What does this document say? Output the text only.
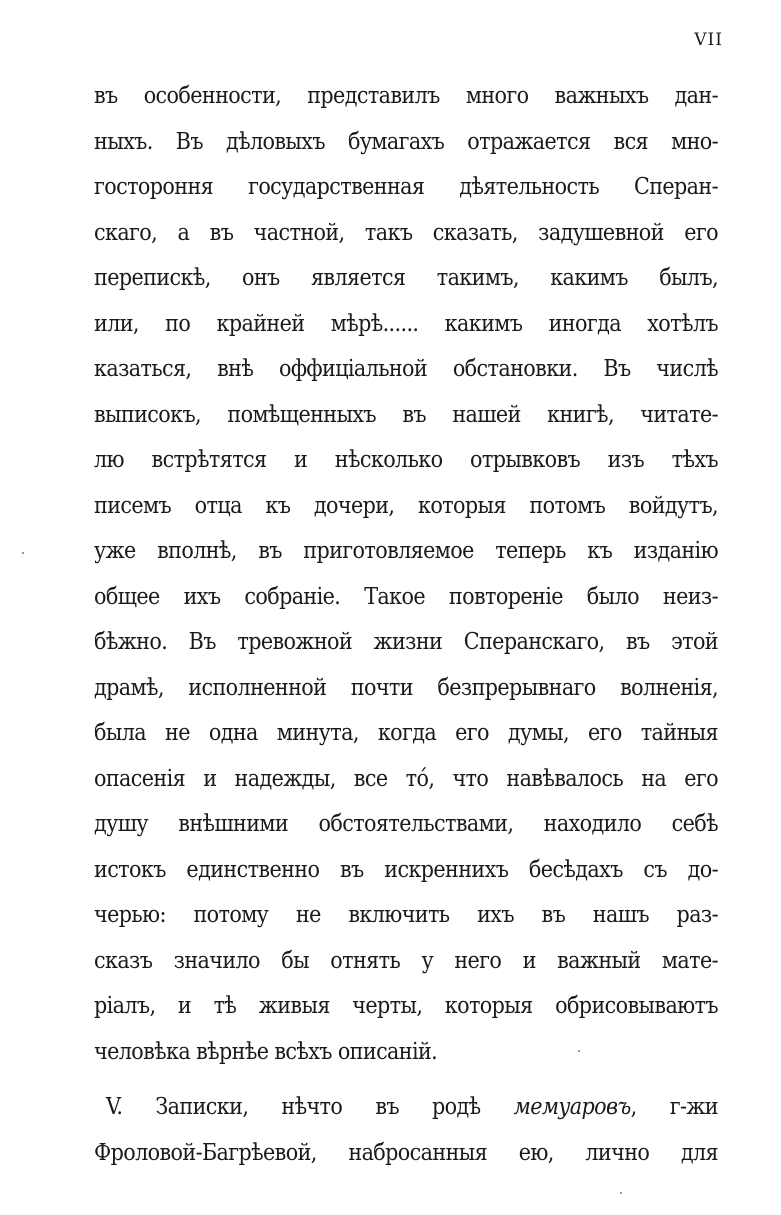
VII
въ особенности, представилъ много важныхъ дан-
ныхъ. Въ дѣловыхъ бумагахъ отражается вся мно-
гостороння государственная дѣятельность Сперан-
скаго, а въ частной, такъ сказать, задушевной его
перепискѣ, онъ является такимъ, какимъ былъ,
или, по крайней мѣрѣ...... какимъ иногда хотѣлъ
казаться, внѣ оффиціальной обстановки. Въ числѣ
выписокъ, помѣщенныхъ въ нашей книгѣ, читате-
лю встрѣтятся и нѣсколько отрывковъ изъ тѣхъ
писемъ отца къ дочери, которыя потомъ войдутъ,
уже вполнѣ, въ приготовляемое теперь къ изданію
общее ихъ собраніе. Такое повтореніе было неиз-
бѣжно. Въ тревожной жизни Сперанскаго, въ этой
драмѣ, исполненной почти безпрерывнаго волненія,
была не одна минута, когда его думы, его тайныя
опасенія и надежды, все то́, что навѣвалось на его
душу внѣшними обстоятельствами, находило себѣ
истокъ единственно въ искреннихъ бесѣдахъ съ до-
черью: потому не включить ихъ въ нашъ раз-
сказъ значило бы отнять у него и важный мате-
ріалъ, и тѣ живыя черты, которыя обрисовываютъ
человѣка вѣрнѣе всѣхъ описаній.
V. Записки, нѣчто въ родѣ мемуаровъ, г-жи
Фроловой-Багрѣевой, набросанныя ею, лично для
